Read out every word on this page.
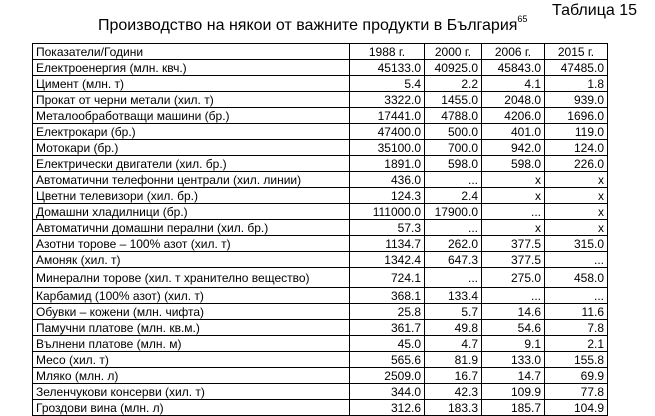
Таблица 15
Производство на някои от важните продукти в България$^{65}$
Показатели/Години	1988 г.	2000 г.	2006 г.	2015 г.
Електроенергия (млн. квч.)	45133.0	40925.0	45843.0	47485.0
Цимент (млн. т)	5.4	2.2	4.1	1.8
Прокат от черни метали (хил. т)	3322.0	1455.0	2048.0	939.0
Металообработващи машини (бр.)	17441.0	4788.0	4206.0	1696.0
Електрокари (бр.)	47400.0	500.0	401.0	119.0
Мотокари (бр.)	35100.0	700.0	942.0	124.0
Електрически двигатели (хил. бр.)	1891.0	598.0	598.0	226.0
Автоматични телефонни централи (хил. линии)	436.0	...	x	x
Цветни телевизори (хил. бр.)	124.3	2.4	x	x
Домашни хладилници (бр.)	111000.0	17900.0	...	x
Автоматични домашни перални (хил. бр.)	57.3	...	x	x
Азотни торове – 100% азот (хил. т)	1134.7	262.0	377.5	315.0
Амоняк (хил. т)	1342.4	647.3	377.5	...
Минерални торове (хил. т хранително вещество)	724.1	...	275.0	458.0
Карбамид (100% азот) (хил. т)	368.1	133.4	...	...
Обувки – кожени (млн. чифта)	25.8	5.7	14.6	11.6
Памучни платове (млн. кв.м.)	361.7	49.8	54.6	7.8
Вълнени платове (млн. м)	45.0	4.7	9.1	2.1
Месо (хил. т)	565.6	81.9	133.0	155.8
Мляко (млн. л)	2509.0	16.7	14.7	69.9
Зеленчукови консерви (хил. т)	344.0	42.3	109.9	77.8
Гроздови вина (млн. л)	312.6	183.3	185.7	104.9
